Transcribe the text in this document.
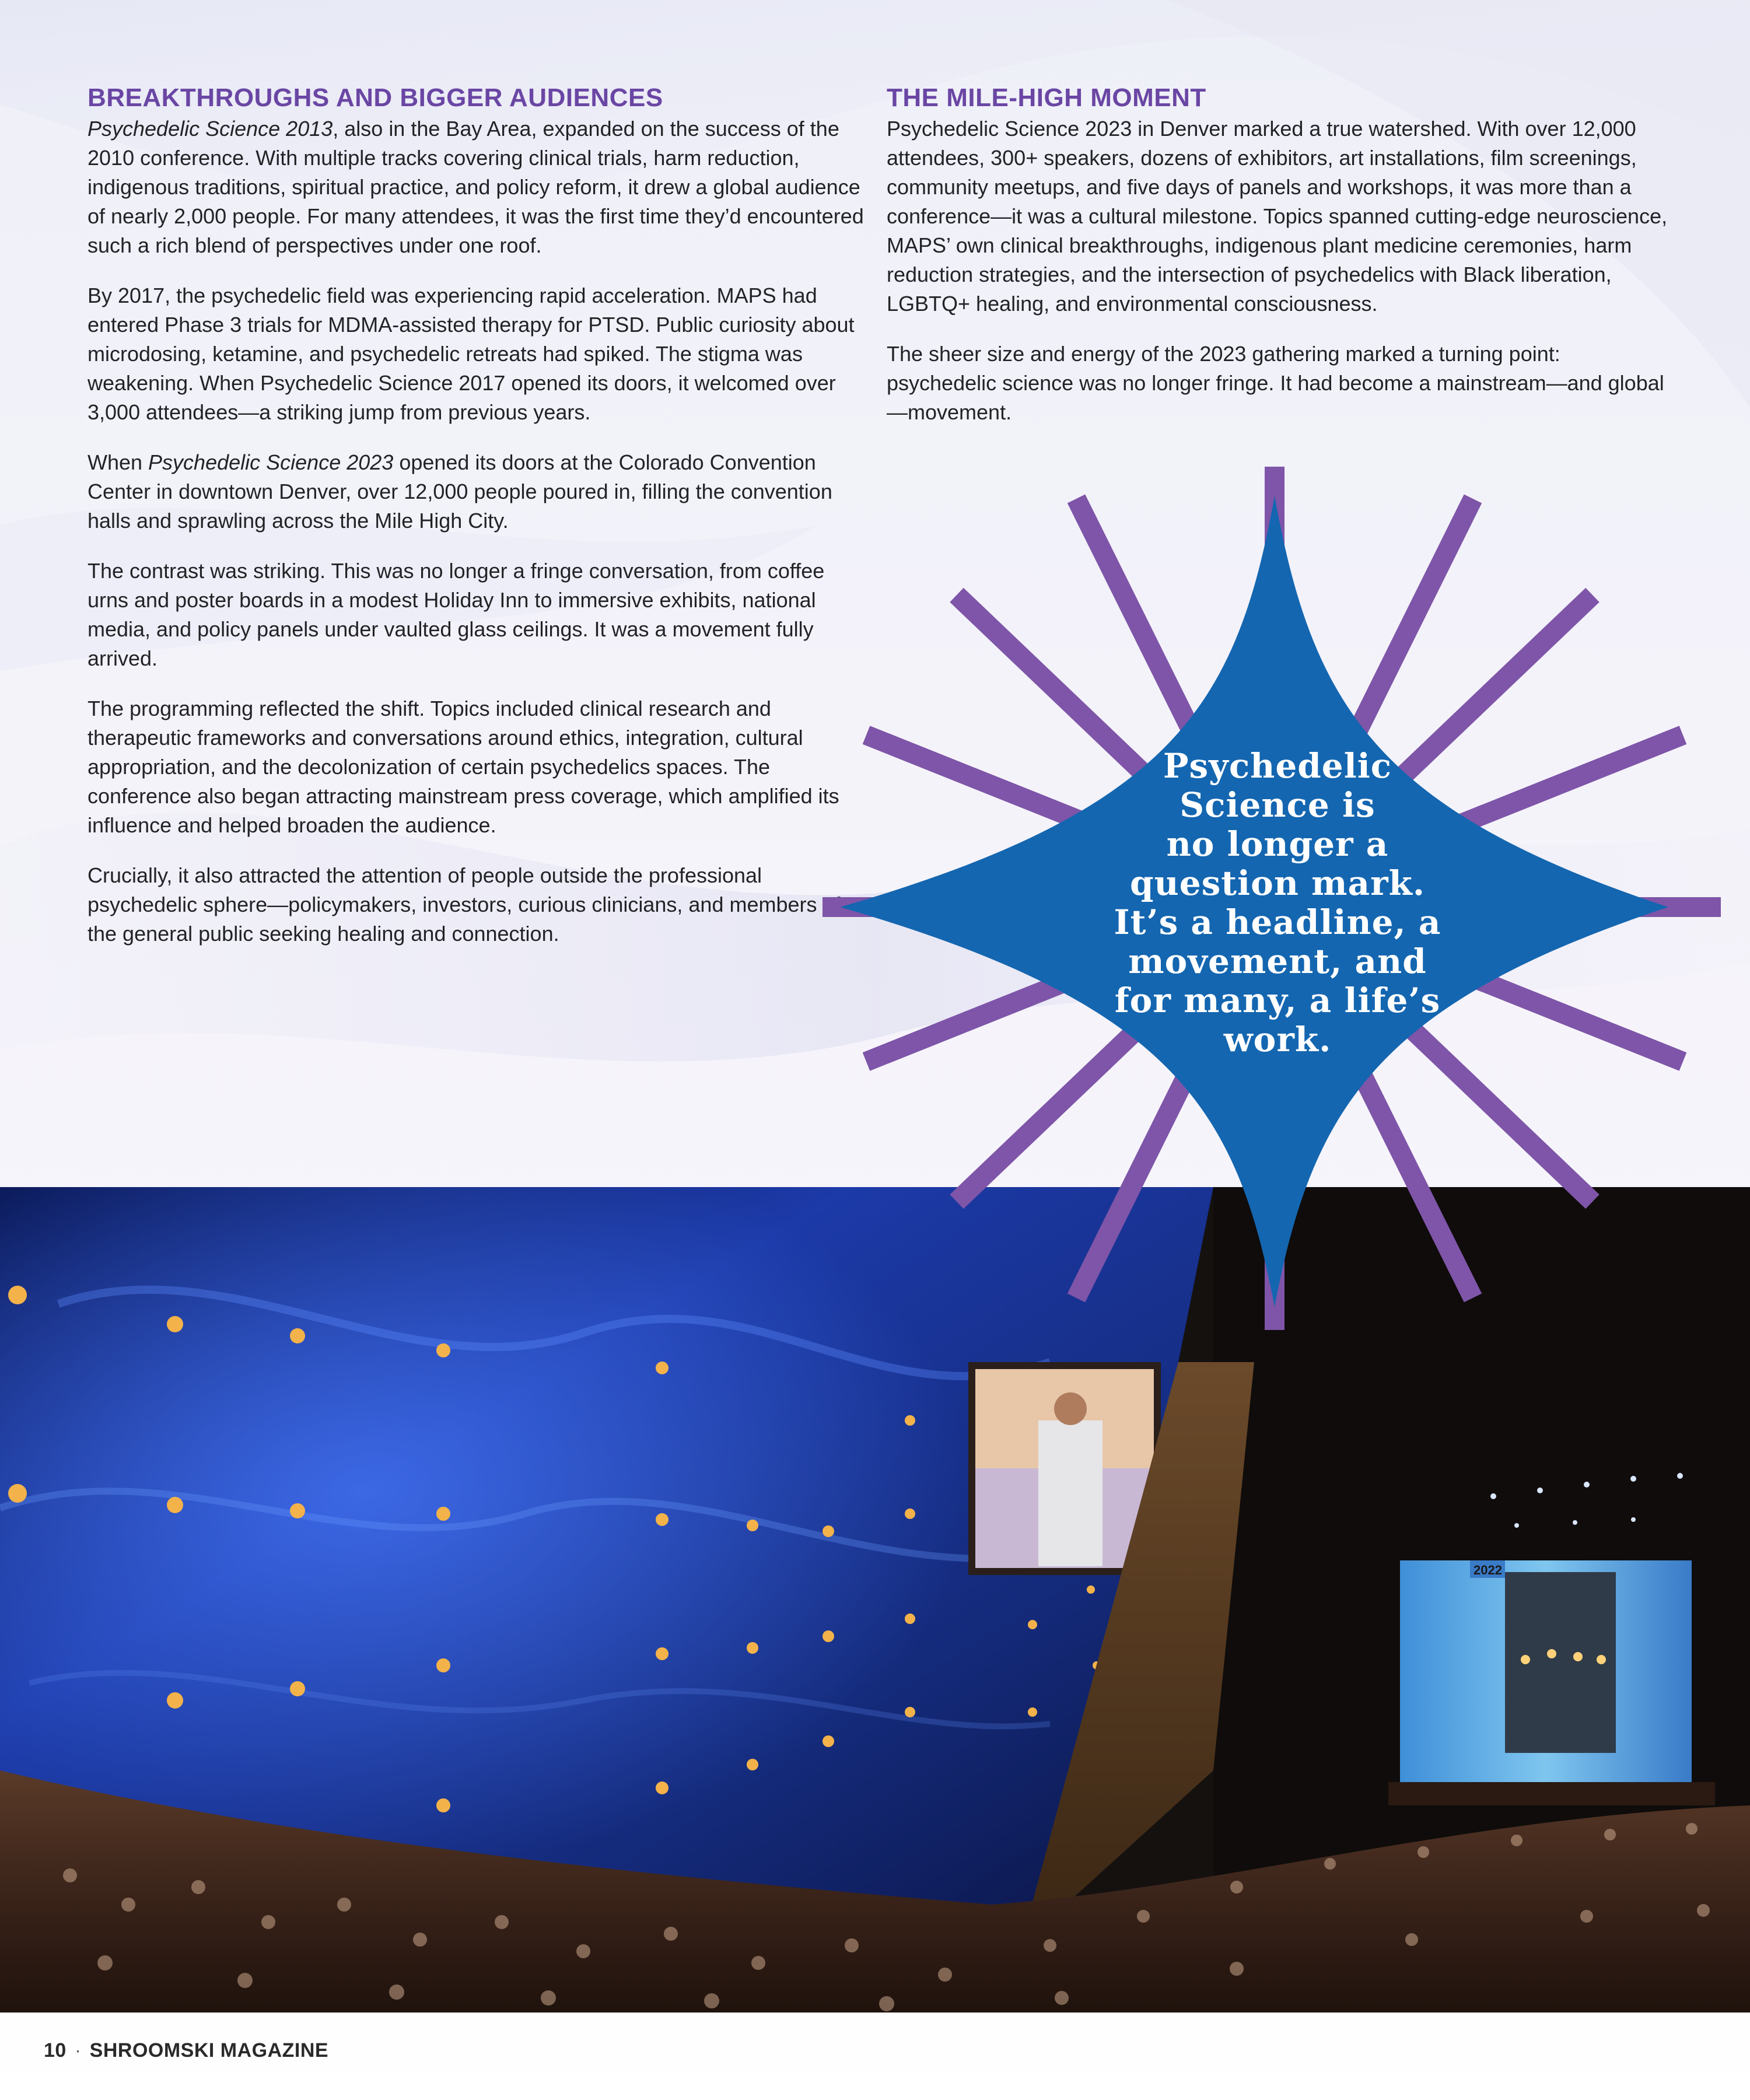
BREAKTHROUGHS AND BIGGER AUDIENCES

Psychedelic Science 2013, also in the Bay Area, expanded on the success of the 2010 conference. With multiple tracks covering clinical trials, harm reduction, indigenous traditions, spiritual practice, and policy reform, it drew a global audience of nearly 2,000 people. For many attendees, it was the first time they’d encountered such a rich blend of perspectives under one roof.

By 2017, the psychedelic field was experiencing rapid acceleration. MAPS had entered Phase 3 trials for MDMA-assisted therapy for PTSD. Public curiosity about microdosing, ketamine, and psychedelic retreats had spiked. The stigma was weakening. When Psychedelic Science 2017 opened its doors, it welcomed over 3,000 attendees—a striking jump from previous years.

When Psychedelic Science 2023 opened its doors at the Colorado Convention Center in downtown Denver, over 12,000 people poured in, filling the convention halls and sprawling across the Mile High City.

The contrast was striking. This was no longer a fringe conversation, from coffee urns and poster boards in a modest Holiday Inn to immersive exhibits, national media, and policy panels under vaulted glass ceilings. It was a movement fully arrived.

The programming reflected the shift. Topics included clinical research and therapeutic frameworks and conversations around ethics, integration, cultural appropriation, and the decolonization of certain psychedelics spaces. The conference also began attracting mainstream press coverage, which amplified its influence and helped broaden the audience.

Crucially, it also attracted the attention of people outside the professional psychedelic sphere—policymakers, investors, curious clinicians, and members of the general public seeking healing and connection.

THE MILE-HIGH MOMENT

Psychedelic Science 2023 in Denver marked a true watershed. With over 12,000 attendees, 300+ speakers, dozens of exhibitors, art installations, film screenings, community meetups, and five days of panels and workshops, it was more than a conference—it was a cultural milestone. Topics spanned cutting-edge neuroscience, MAPS’ own clinical breakthroughs, indigenous plant medicine ceremonies, harm reduction strategies, and the intersection of psychedelics with Black liberation, LGBTQ+ healing, and environmental consciousness.

The sheer size and energy of the 2023 gathering marked a turning point: psychedelic science was no longer fringe. It had become a mainstream—and global—movement.

2022
Psychedelic
Science is
no longer a
question mark.
It’s a headline, a
movement, and
for many, a life’s
work.
10 · SHROOMSKI MAGAZINE
